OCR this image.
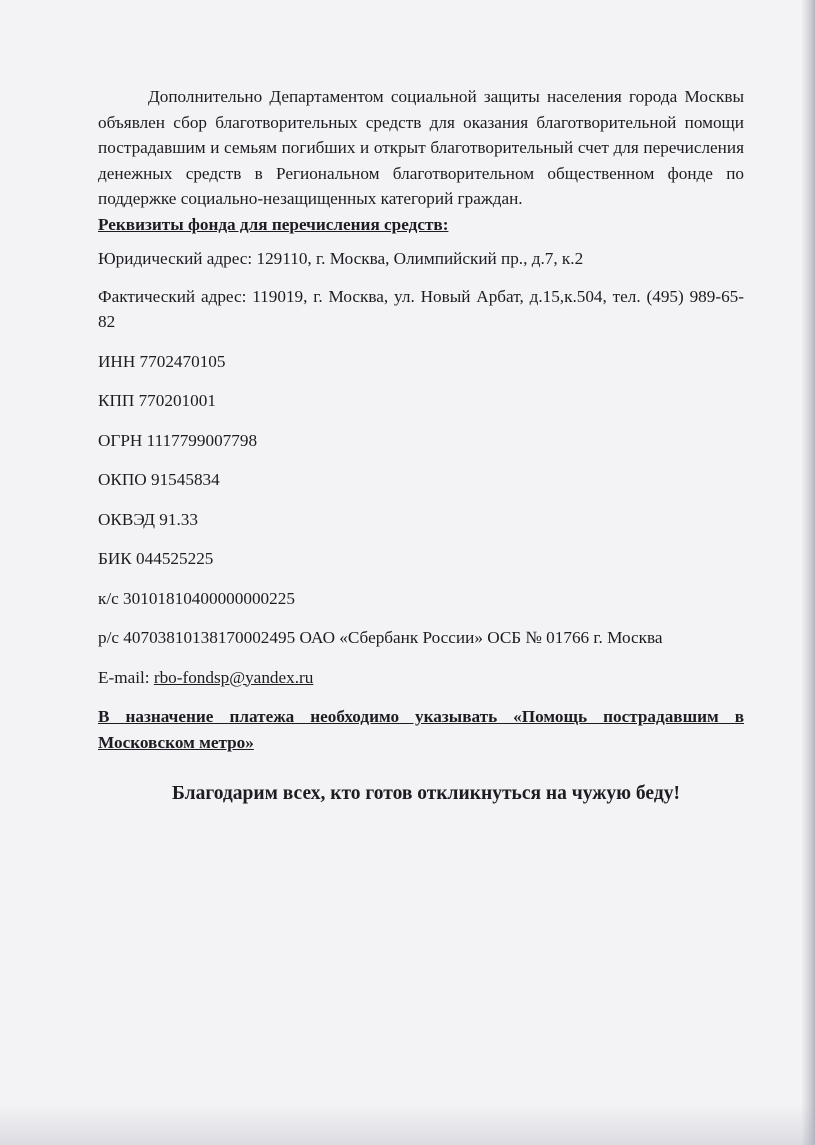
Дополнительно Департаментом социальной защиты населения города Москвы объявлен сбор благотворительных средств для оказания благотворительной помощи пострадавшим и семьям погибших и открыт благотворительный счет для перечисления денежных средств в Региональном благотворительном общественном фонде по поддержке социально-незащищенных категорий граждан.

Реквизиты фонда для перечисления средств:

Юридический адрес: 129110, г. Москва, Олимпийский пр., д.7, к.2

Фактический адрес: 119019, г. Москва, ул. Новый Арбат, д.15,к.504, тел. (495) 989-65-82

ИНН 7702470105

КПП 770201001

ОГРН 1117799007798

ОКПО 91545834

ОКВЭД 91.33

БИК 044525225

к/с 30101810400000000225

р/с 40703810138170002495 ОАО «Сбербанк России» ОСБ № 01766 г. Москва

E-mail: rbo-fondsp@yandex.ru

В назначение платежа необходимо указывать «Помощь пострадавшим в Московском метро»

Благодарим всех, кто готов откликнуться на чужую беду!
